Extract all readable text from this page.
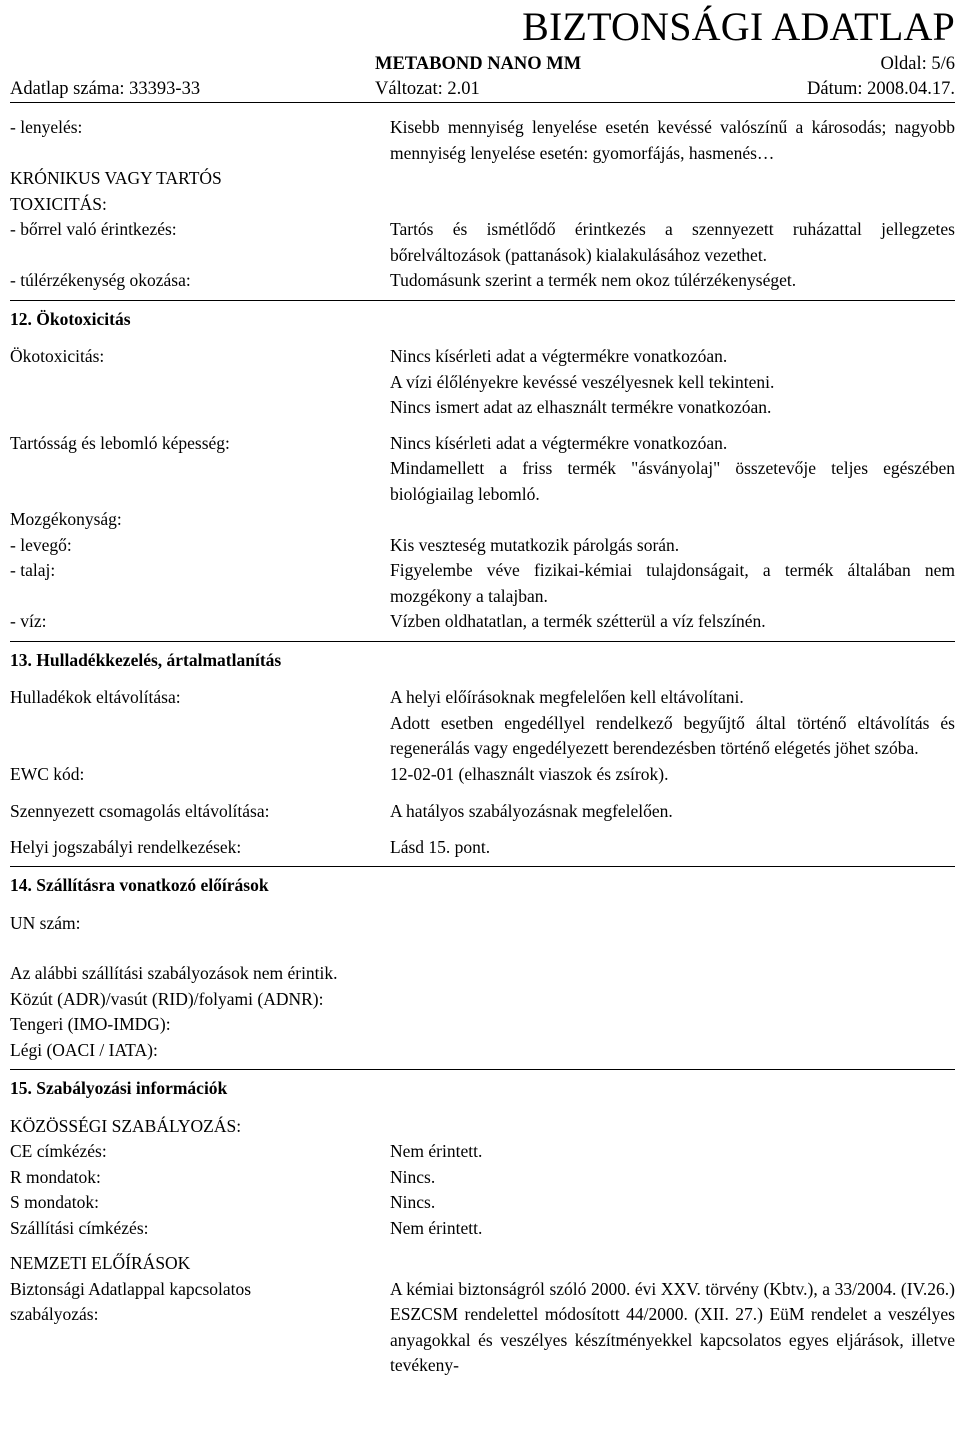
BIZTONSÁGI ADATLAP
METABOND NANO MM	Oldal: 5/6
Adatlap száma: 33393-33	Változat: 2.01	Dátum: 2008.04.17.
- lenyelés:	Kisebb mennyiség lenyelése esetén kevéssé valószínű a károsodás; nagyobb mennyiség lenyelése esetén: gyomorfájás, hasmenés…
KRÓNIKUS VAGY TARTÓS
TOXICITÁS:
- bőrrel való érintkezés:	Tartós és ismétlődő érintkezés a szennyezett ruházattal jellegzetes bőrelváltozások (pattanások) kialakulásához vezethet.
- túlérzékenység okozása:	Tudomásunk szerint a termék nem okoz túlérzékenységet.
12. Ökotoxicitás
Ökotoxicitás:	Nincs kísérleti adat a végtermékre vonatkozóan.
A vízi élőlényekre kevéssé veszélyesnek kell tekinteni.
Nincs ismert adat az elhasznált termékre vonatkozóan.
Tartósság és lebomló képesség:	Nincs kísérleti adat a végtermékre vonatkozóan.
Mindamellett a friss termék "ásványolaj" összetevője teljes egészében biológiailag lebomló.
Mozgékonyság:
- levegő:	Kis veszteség mutatkozik párolgás során.
- talaj:	Figyelembe véve fizikai-kémiai tulajdonságait, a termék általában nem mozgékony a talajban.
- víz:	Vízben oldhatatlan, a termék szétterül a víz felszínén.
13. Hulladékkezelés, ártalmatlanítás
Hulladékok eltávolítása:	A helyi előírásoknak megfelelően kell eltávolítani.
Adott esetben engedéllyel rendelkező begyűjtő által történő eltávolítás és regenerálás vagy engedélyezett berendezésben történő elégetés jöhet szóba.
EWC kód:	12-02-01 (elhasznált viaszok és zsírok).
Szennyezett csomagolás eltávolítása:	A hatályos szabályozásnak megfelelően.
Helyi jogszabályi rendelkezések:	Lásd 15. pont.
14. Szállításra vonatkozó előírások
UN szám:
Az alábbi szállítási szabályozások nem érintik.
Közút (ADR)/vasút (RID)/folyami (ADNR):
Tengeri (IMO-IMDG):
Légi (OACI / IATA):
15. Szabályozási információk
KÖZÖSSÉGI SZABÁLYOZÁS:
CE címkézés:	Nem érintett.
R mondatok:	Nincs.
S mondatok:	Nincs.
Szállítási címkézés:	Nem érintett.
NEMZETI ELŐÍRÁSOK
Biztonsági Adatlappal kapcsolatos
szabályozás:
A kémiai biztonságról szóló 2000. évi XXV. törvény (Kbtv.), a 33/2004. (IV.26.) ESZCSM rendelettel módosított 44/2000. (XII. 27.) EüM rendelet a veszélyes anyagokkal és veszélyes készítményekkel kapcsolatos egyes eljárások, illetve tevékeny-
